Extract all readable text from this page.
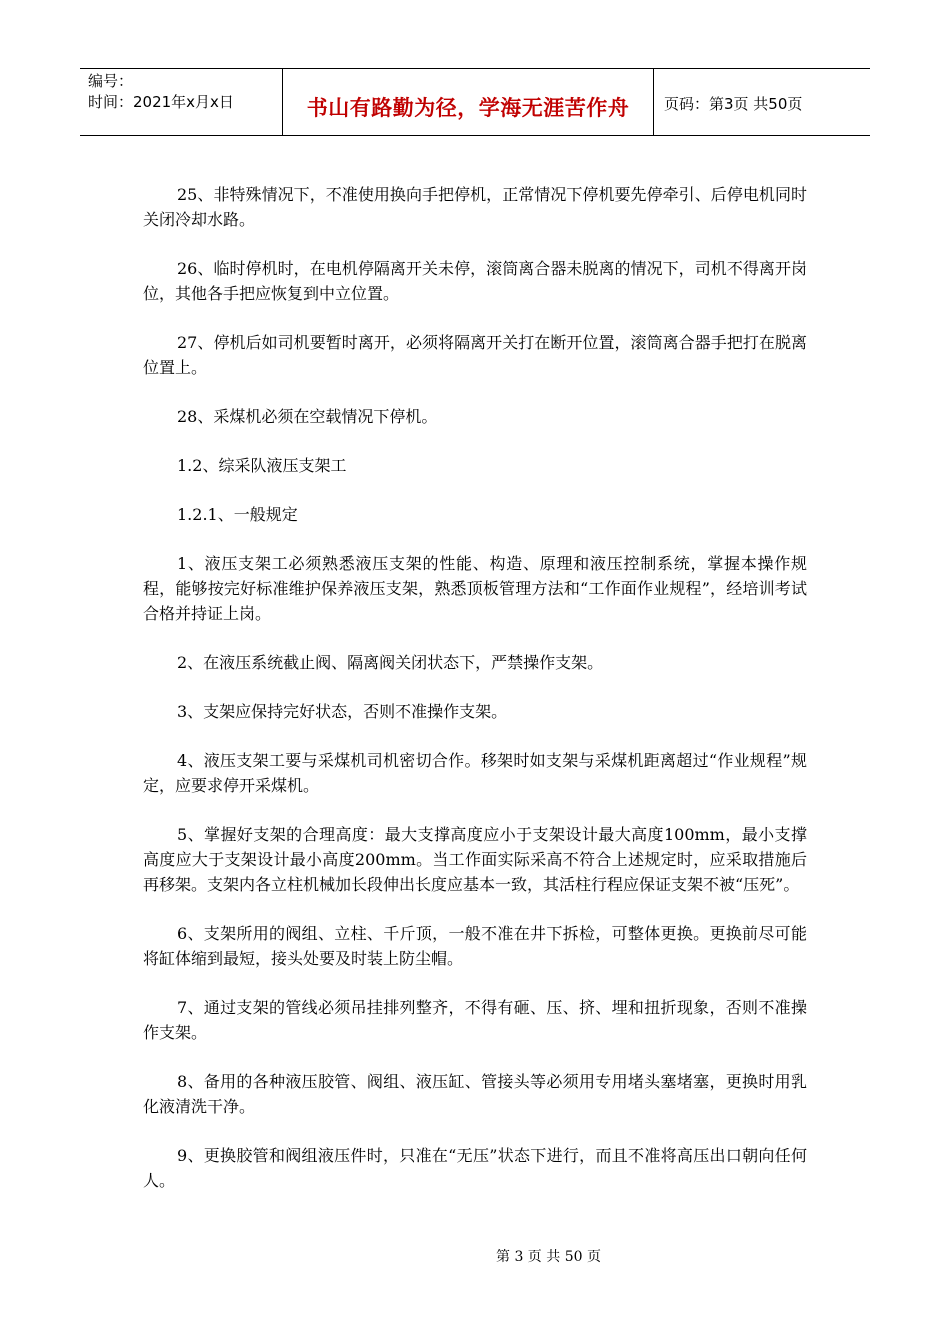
编号：
时间：2021年x月x日	书山有路勤为径，学海无涯苦作舟	页码：第3页 共50页

25、非特殊情况下，不准使用换向手把停机，正常情况下停机要先停牵引、后停电机同时关闭冷却水路。

26、临时停机时，在电机停隔离开关未停，滚筒离合器未脱离的情况下，司机不得离开岗位，其他各手把应恢复到中立位置。

27、停机后如司机要暂时离开，必须将隔离开关打在断开位置，滚筒离合器手把打在脱离位置上。

28、采煤机必须在空载情况下停机。

1.2、综采队液压支架工

1.2.1、一般规定

1、液压支架工必须熟悉液压支架的性能、构造、原理和液压控制系统，掌握本操作规程，能够按完好标准维护保养液压支架，熟悉顶板管理方法和“工作面作业规程”，经培训考试合格并持证上岗。

2、在液压系统截止阀、隔离阀关闭状态下，严禁操作支架。

3、支架应保持完好状态，否则不准操作支架。

4、液压支架工要与采煤机司机密切合作。移架时如支架与采煤机距离超过“作业规程”规定，应要求停开采煤机。

5、掌握好支架的合理高度：最大支撑高度应小于支架设计最大高度100mm，最小支撑高度应大于支架设计最小高度200mm。当工作面实际采高不符合上述规定时，应采取措施后再移架。支架内各立柱机械加长段伸出长度应基本一致，其活柱行程应保证支架不被“压死”。

6、支架所用的阀组、立柱、千斤顶，一般不准在井下拆检，可整体更换。更换前尽可能将缸体缩到最短，接头处要及时装上防尘帽。

7、通过支架的管线必须吊挂排列整齐，不得有砸、压、挤、埋和扭折现象，否则不准操作支架。

8、备用的各种液压胶管、阀组、液压缸、管接头等必须用专用堵头塞堵塞，更换时用乳化液清洗干净。

9、更换胶管和阀组液压件时，只准在“无压”状态下进行，而且不准将高压出口朝向任何人。

第 3 页 共 50 页
